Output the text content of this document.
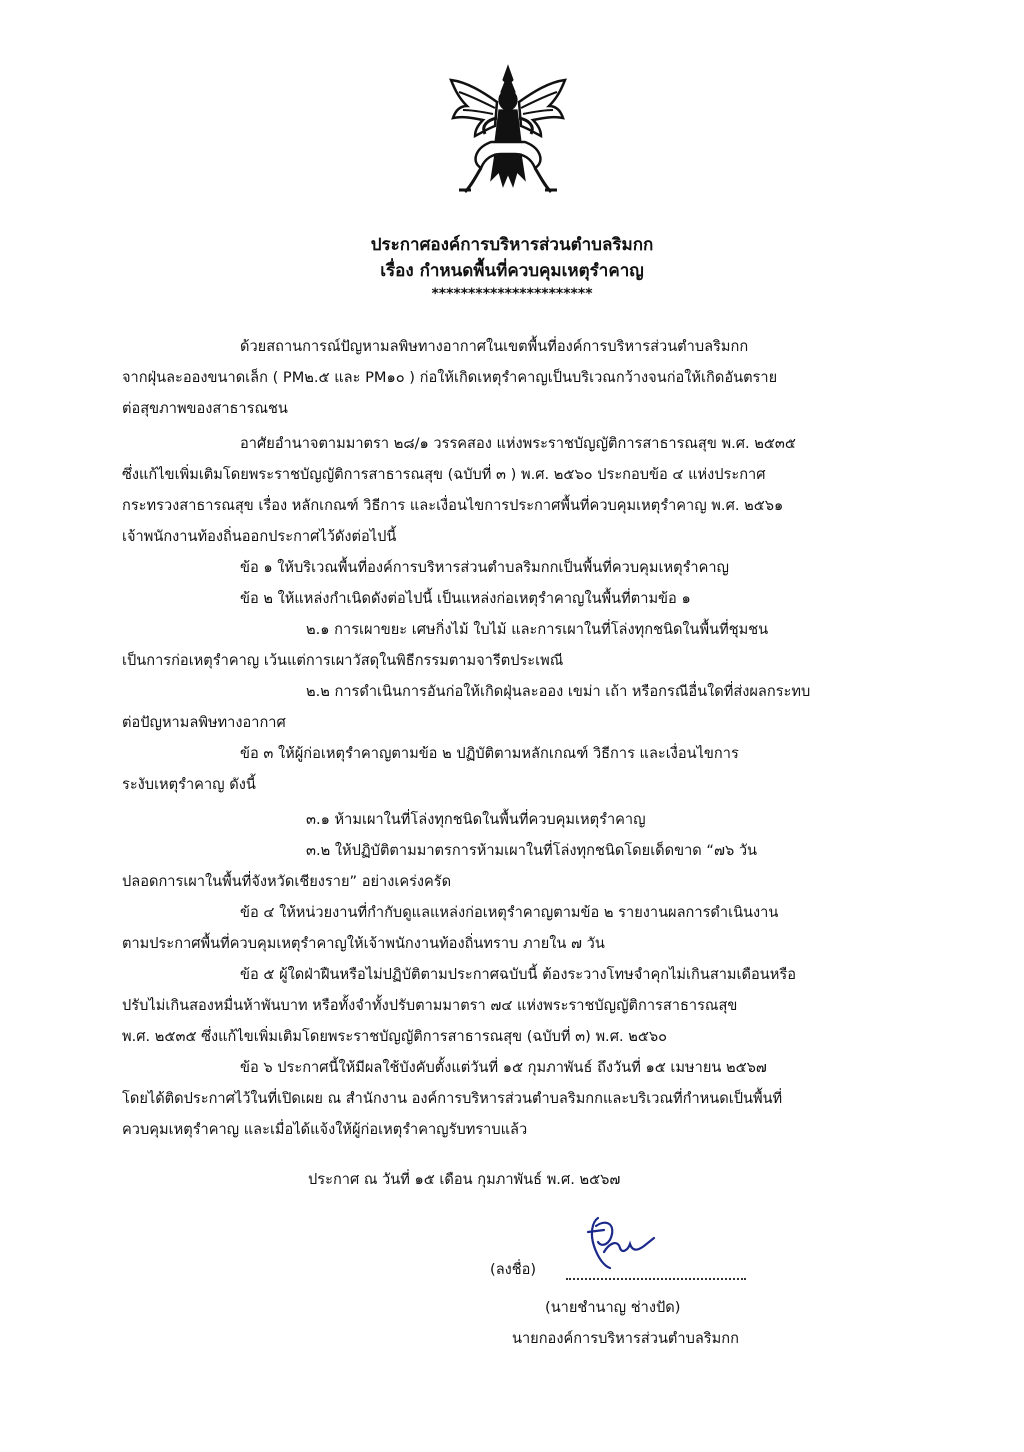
ประกาศองค์การบริหารส่วนตำบลริมกก
เรื่อง กำหนดพื้นที่ควบคุมเหตุรำคาญ
**********************
ด้วยสถานการณ์ปัญหามลพิษทางอากาศในเขตพื้นที่องค์การบริหารส่วนตำบลริมกก
จากฝุ่นละอองขนาดเล็ก ( PM๒.๕ และ PM๑๐ ) ก่อให้เกิดเหตุรำคาญเป็นบริเวณกว้างจนก่อให้เกิดอันตราย
ต่อสุขภาพของสาธารณชน
อาศัยอำนาจตามมาตรา ๒๘/๑ วรรคสอง แห่งพระราชบัญญัติการสาธารณสุข พ.ศ. ๒๕๓๕
ซึ่งแก้ไขเพิ่มเติมโดยพระราชบัญญัติการสาธารณสุข (ฉบับที่ ๓ ) พ.ศ. ๒๕๖๐ ประกอบข้อ ๔ แห่งประกาศ
กระทรวงสาธารณสุข เรื่อง หลักเกณฑ์ วิธีการ และเงื่อนไขการประกาศพื้นที่ควบคุมเหตุรำคาญ พ.ศ. ๒๕๖๑
เจ้าพนักงานท้องถิ่นออกประกาศไว้ดังต่อไปนี้
ข้อ ๑ ให้บริเวณพื้นที่องค์การบริหารส่วนตำบลริมกกเป็นพื้นที่ควบคุมเหตุรำคาญ
ข้อ ๒ ให้แหล่งกำเนิดดังต่อไปนี้ เป็นแหล่งก่อเหตุรำคาญในพื้นที่ตามข้อ ๑
๒.๑ การเผาขยะ เศษกิ่งไม้ ใบไม้ และการเผาในที่โล่งทุกชนิดในพื้นที่ชุมชน
เป็นการก่อเหตุรำคาญ เว้นแต่การเผาวัสดุในพิธีกรรมตามจารีตประเพณี
๒.๒ การดำเนินการอันก่อให้เกิดฝุ่นละออง เขม่า เถ้า หรือกรณีอื่นใดที่ส่งผลกระทบ
ต่อปัญหามลพิษทางอากาศ
ข้อ ๓ ให้ผู้ก่อเหตุรำคาญตามข้อ ๒ ปฏิบัติตามหลักเกณฑ์ วิธีการ และเงื่อนไขการ
ระงับเหตุรำคาญ ดังนี้
๓.๑ ห้ามเผาในที่โล่งทุกชนิดในพื้นที่ควบคุมเหตุรำคาญ
๓.๒ ให้ปฏิบัติตามมาตรการห้ามเผาในที่โล่งทุกชนิดโดยเด็ดขาด “๗๖ วัน
ปลอดการเผาในพื้นที่จังหวัดเชียงราย” อย่างเคร่งครัด
ข้อ ๔ ให้หน่วยงานที่กำกับดูแลแหล่งก่อเหตุรำคาญตามข้อ ๒ รายงานผลการดำเนินงาน
ตามประกาศพื้นที่ควบคุมเหตุรำคาญให้เจ้าพนักงานท้องถิ่นทราบ ภายใน ๗ วัน
ข้อ ๕ ผู้ใดฝ่าฝืนหรือไม่ปฏิบัติตามประกาศฉบับนี้ ต้องระวางโทษจำคุกไม่เกินสามเดือนหรือ
ปรับไม่เกินสองหมื่นห้าพันบาท หรือทั้งจำทั้งปรับตามมาตรา ๗๔ แห่งพระราชบัญญัติการสาธารณสุข
พ.ศ. ๒๕๓๕ ซึ่งแก้ไขเพิ่มเติมโดยพระราชบัญญัติการสาธารณสุข (ฉบับที่ ๓) พ.ศ. ๒๕๖๐
ข้อ ๖ ประกาศนี้ให้มีผลใช้บังคับตั้งแต่วันที่ ๑๕ กุมภาพันธ์ ถึงวันที่ ๑๕ เมษายน ๒๕๖๗
โดยได้ติดประกาศไว้ในที่เปิดเผย ณ สำนักงาน องค์การบริหารส่วนตำบลริมกกและบริเวณที่กำหนดเป็นพื้นที่
ควบคุมเหตุรำคาญ และเมื่อได้แจ้งให้ผู้ก่อเหตุรำคาญรับทราบแล้ว
ประกาศ ณ วันที่ ๑๕ เดือน กุมภาพันธ์ พ.ศ. ๒๕๖๗
(ลงชื่อ)
(นายชำนาญ ช่างปัด)
นายกองค์การบริหารส่วนตำบลริมกก
